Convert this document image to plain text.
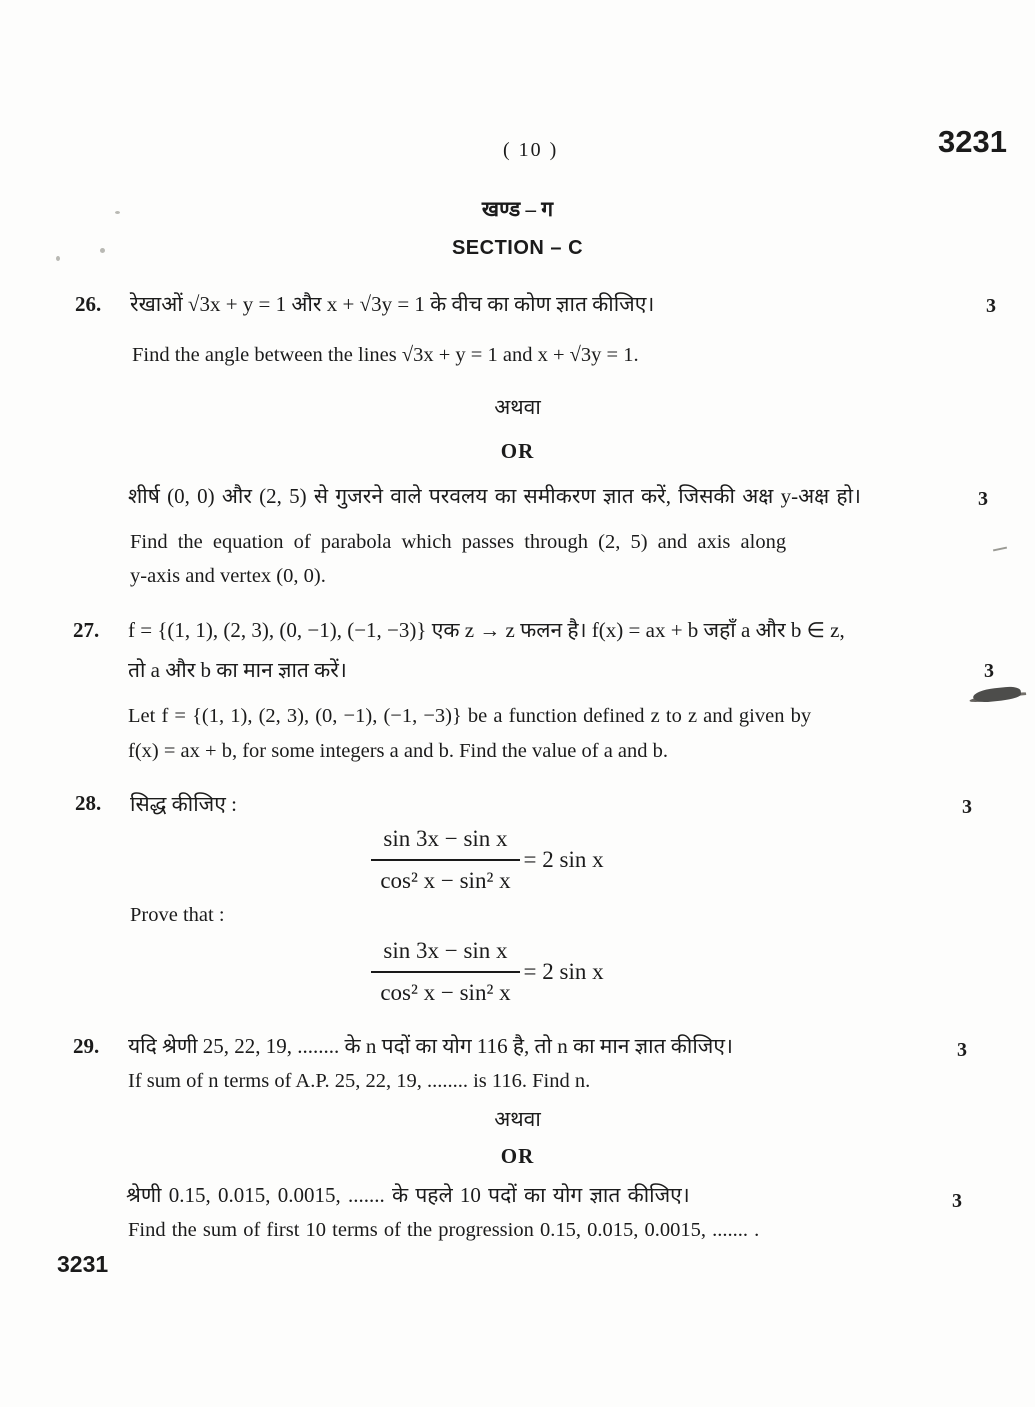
( 10 )	3231
खण्ड – ग
SECTION – C
26. रेखाओं √3x + y = 1 और x + √3y = 1 के वीच का कोण ज्ञात कीजिए।	3
Find the angle between the lines √3x + y = 1 and x + √3y = 1.
अथवा
OR
शीर्ष (0, 0) और (2, 5) से गुजरने वाले परवलय का समीकरण ज्ञात करें, जिसकी अक्ष y-अक्ष हो।	3
Find the equation of parabola which passes through (2, 5) and axis along
y-axis and vertex (0, 0).
27. f = {(1, 1), (2, 3), (0, −1), (−1, −3)} एक z → z फलन है। f(x) = ax + b जहाँ a और b ∈ z,
तो a और b का मान ज्ञात करें।	3
Let f = {(1, 1), (2, 3), (0, −1), (−1, −3)} be a function defined z to z and given by
f(x) = ax + b, for some integers a and b. Find the value of a and b.
28. सिद्ध कीजिए :	3
$\frac{\text{sin 3x − sin x}}{\text{cos² x − sin² x}} = 2$ sin x
Prove that :
$\frac{\text{sin 3x − sin x}}{\text{cos² x − sin² x}} = 2$ sin x
29. यदि श्रेणी 25, 22, 19, ........ के n पदों का योग 116 है, तो n का मान ज्ञात कीजिए।	3
If sum of n terms of A.P. 25, 22, 19, ........ is 116. Find n.
अथवा
OR
श्रेणी 0.15, 0.015, 0.0015, ....... के पहले 10 पदों का योग ज्ञात कीजिए।	3
Find the sum of first 10 terms of the progression 0.15, 0.015, 0.0015, ....... .
3231
